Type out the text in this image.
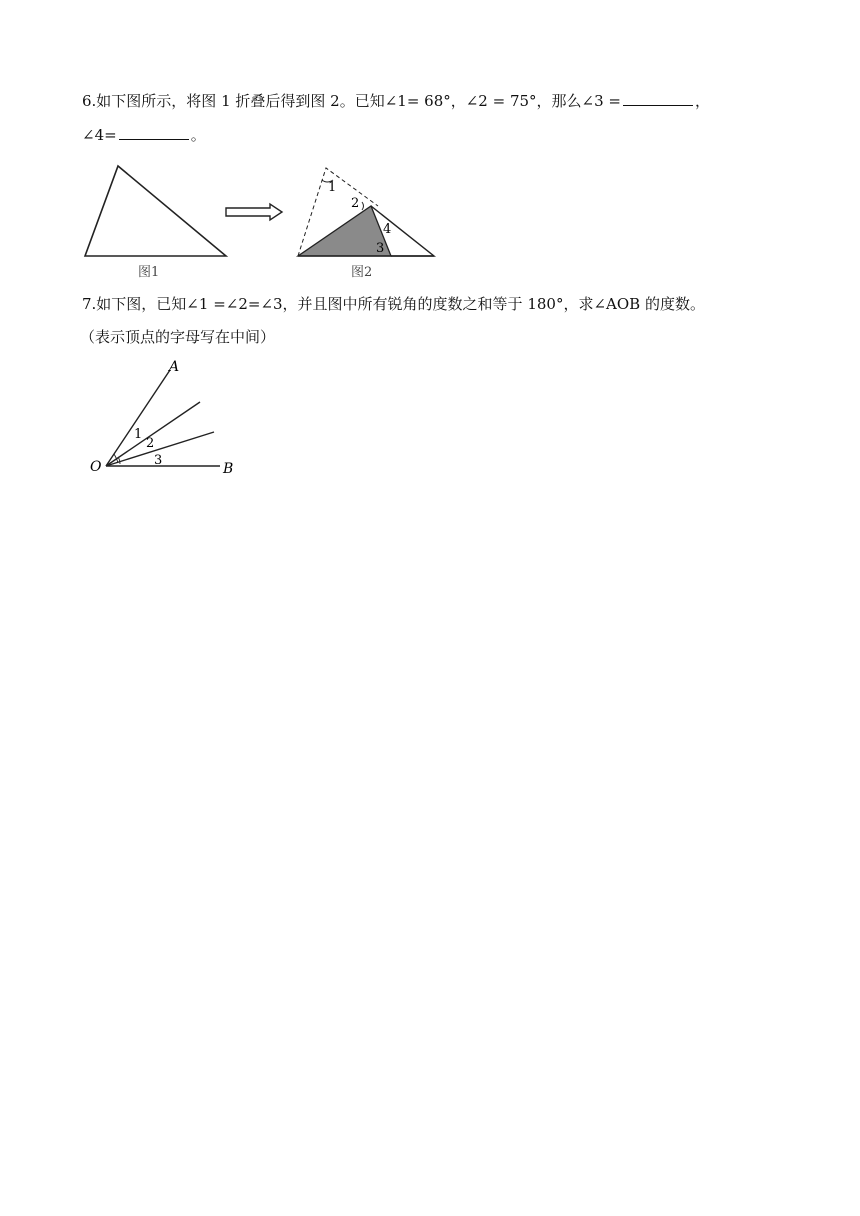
6.如下图所示，将图 1 折叠后得到图 2。已知∠1= 68°，∠2 = 75°，那么∠3 =	，
∠4=	。
图1
1
2
4
3
图2
7.如下图，已知∠1 =∠2=∠3，并且图中所有锐角的度数之和等于 180°，求∠AOB 的度数。
（表示顶点的字母写在中间）
A
O	B
1
2
3
